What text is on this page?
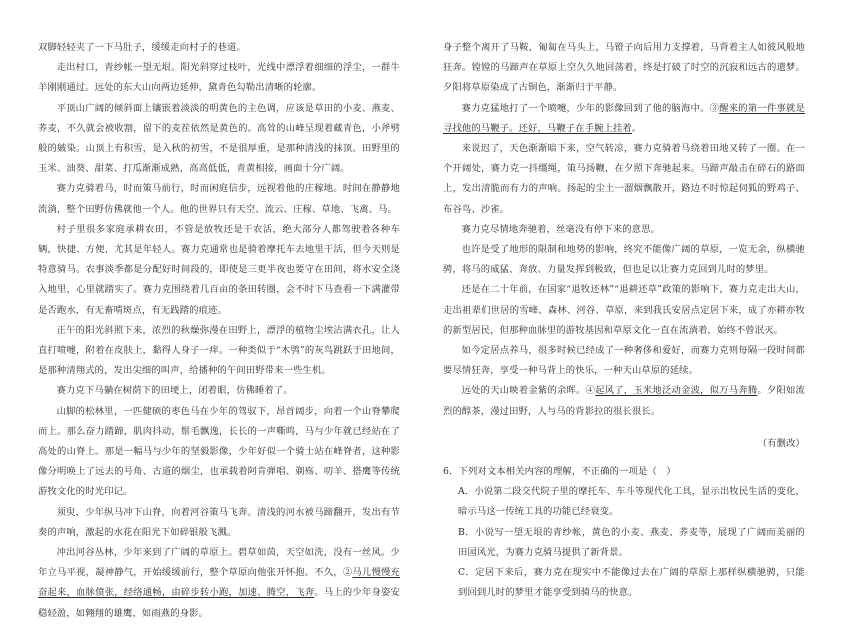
双脚轻轻夹了一下马肚子，缓缓走向村子的巷道。

走出村口，青纱帐一望无垠。阳光斜穿过枝叶，光线中漂浮着细细的浮尘，一群牛羊刚刚通过。远处的东大山向两边延伸，黛青色勾勒出清晰的轮廓。

平顶山广阔的倾斜面上镶嵌着淡淡的明黄色的主色调，应该是草田的小麦、燕麦、荞麦，不久就会被收割，留下的麦茬依然是黄色的。高耸的山峰呈现着藏青色，小斧劈般的皴染。山顶上有积雪，是入秋的初雪，不是很厚重，是那种清浅的抹顶。田野里的玉米、油葵、甜菜、打瓜渐渐成熟，高高低低，青黄相接，画面十分广阔。

赛力克骑着马，时而策马前行，时而闲庭信步，远视着他的庄稼地。时间在静静地流淌，整个田野仿佛就他一个人。他的世界只有天空、流云、庄稼、草地、飞禽、马。

村子里很多家庭承耕农田，不管是放牧还是干农活，绝大部分人都驾驶着各种车辆，快捷、方便，尤其是年轻人。赛力克通常也是骑着摩托车去地里干活，但今天则是特意骑马。农事淡季都是分配好时间段的，即使是三更半夜也要守在田间，将水安全浇入地里，心里就踏实了。赛力克围绕着几百亩的条田转圈，会不时下马查看一下满灌带是否跑水，有无畜啃斑点，有无践踏的痕迹。

正午的阳光斜照下来，浓烈的秋燥弥漫在田野上，漂浮的植物尘埃沾满衣孔，让人直打喷嚏，附着在皮肤上，黏得人身子一痒。一种类似于“木鸮”的灰鸟跳跃于田地间，是那种清翔式的，发出尖细的叫声，给播种的午间田野带来一些生机。

赛力克下马躺在树荫下的田埂上，闭着眼，仿佛睡着了。

山脚的松林里，一匹健硕的枣色马在少年的驾驭下，昂首阔步，向着一个山脊攀爬而上。那么奋力踏蹄，肌肉抖动，鬃毛飘逸，长长的一声嘶鸣，马与少年就已经站在了高处的山脊上。那是一幅马与少年的坚毅影像，少年好似一个骑士站在峰脊者，这种影像分明唤上了远去的号角、古道的烟尘，也承载着阿肯弹唱、剃殇、叨羊、搭鹰等传统游牧文化的时光印记。

须臾，少年纵马冲下山脊，向着河谷策马飞奔。清浅的河水被马蹄翻开，发出有节奏的声响，激起的水花在阳光下如碎银般飞溅。

冲出河谷丛林，少年来到了广阔的草原上。碧草如茵，天空如洗，没有一丝风。少年立马平视，凝神静气，开始缓缓前行，整个草原向他张开怀抱。不久，②马儿慢慢充奋起来，血脉偾张，经络通畅，由碎步转小跑，加速、腾空，飞奔。马上的少年身姿安稳轻盈，如翱翔的雄鹰，如雨燕的身影。

身子整个离开了马鞍，匍匐在马头上，马镫子向后用力支撑着，马背着主人如彼风般地狂奔。镗镗的马蹄声在草原上空久久地回荡着，终是打破了时空的沉寂和远古的遗梦。夕阳将草原染成了古铜色，渐渐归于平静。

赛力克猛地打了一个喷嚏，少年的影像回到了他的脑海中。③醒来的第一件事就是寻找他的马鞭子。还好，马鞭子在手腕上挂着。

来说迟了，天色渐渐暗下来，空气转凉，赛力克骑着马绕着田地又转了一圈。在一个开阔处，赛力克一抖缰绳，策马扬鞭，在夕照下奔驰起来。马蹄声敲击在碎石的路面上，发出清脆而有力的声响。扬起的尘土一溜烟飘散开，路边不时惊起伺狐的野鸡子、布谷鸟、沙雀。

赛力克尽情地奔驰着，丝毫没有停下来的意思。

也许是受了地形的限制和地势的影响，终究不能像广阔的草原，一览无余，纵横驰骋，将马的威猛、奔放、力量发挥到极致，但也足以让赛力克回到儿时的梦里。

还是在二十年前，在国家“退牧还林”“退耕还草”政策的影响下，赛力克走出大山，走出祖辈们世居的雪峰、森林、河谷、草原，来到我氏安居点定居下来，成了亦耕亦牧的新型居民，但那种血脉里的游牧基因和草原文化一直在流淌着，始终不曾泯灭。

如今定居点养马，很多时候已经成了一种奢侈和爱好，而赛力克则每隔一段时间都要尽情狂奔，享受一种马背上的快乐，一种天山草原的延续。

远处的天山映着金紫的余晖。④起风了，玉米地泛动金波，似万马奔腾。夕阳如流烈的醇茶，漫过田野，人与马的背影拉的很长很长。

（有删改）

6．下列对文本相关内容的理解，不正确的一项是（　）

A．小说第二段交代院子里的摩托车、车斗等现代化工具，显示出牧民生活的变化，暗示马这一传统工具的功能已经衰变。

B．小说写一望无垠的青纱帐，黄色的小麦、燕麦、荞麦等，展现了广阔而美丽的田园风光，为赛力克骑马提供了新背景。

C．定居下来后，赛力克在现实中不能像过去在广阔的草原上那样纵横驰骋，只能到回到儿时的梦里才能享受到骑马的快意。
